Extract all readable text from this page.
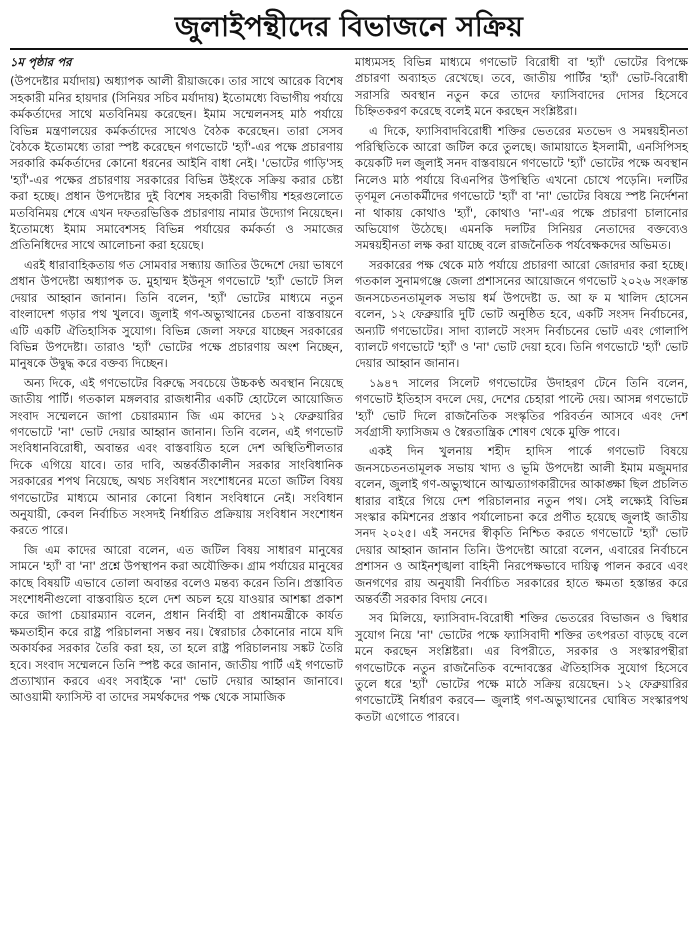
জুলাইপন্থীদের বিভাজনে সক্রিয়

১ম পৃষ্ঠার পর

(উপদেষ্টার মর্যাদায়) অধ্যাপক আলী রীয়াজকে। তার সাথে আরেক বিশেষ সহকারী মনির হায়দার (সিনিয়র সচিব মর্যাদায়) ইতোমধ্যে বিভাগীয় পর্যায়ে কর্মকর্তাদের সাথে মতবিনিময় করেছেন। ইমাম সম্মেলনসহ মাঠ পর্যায়ে বিভিন্ন মন্ত্রণালয়ের কর্মকর্তাদের সাথেও বৈঠক করেছেন। তারা সেসব বৈঠকে ইতোমধ্যে তারা স্পষ্ট করেছেন গণভোটে 'হ্যাঁ'-এর পক্ষে প্রচারণায় সরকারি কর্মকর্তাদের কোনো ধরনের আইনি বাধা নেই। 'ভোটের গাড়ি'সহ 'হ্যাঁ'-এর পক্ষের প্রচারণায় সরকারের বিভিন্ন উইংকে সক্রিয় করার চেষ্টা করা হচ্ছে। প্রধান উপদেষ্টার দুই বিশেষ সহকারী বিভাগীয় শহরগুলোতে মতবিনিময় শেষে এখন দফতরভিত্তিক প্রচারণায় নামার উদ্যোগ নিয়েছেন। ইতোমধ্যে ইমাম সমাবেশসহ বিভিন্ন পর্যায়ের কর্মকর্তা ও সমাজের প্রতিনিধিদের সাথে আলোচনা করা হয়েছে।

এরই ধারাবাহিকতায় গত সোমবার সন্ধ্যায় জাতির উদ্দেশে দেয়া ভাষণে প্রধান উপদেষ্টা অধ্যাপক ড. মুহাম্মদ ইউনূস গণভোটে 'হ্যাঁ' ভোটে সিল দেয়ার আহ্বান জানান। তিনি বলেন, 'হ্যাঁ' ভোটের মাধ্যমে নতুন বাংলাদেশ গড়ার পথ খুলবে। জুলাই গণ-অভ্যুত্থানের চেতনা বাস্তবায়নে এটি একটি ঐতিহাসিক সুযোগ। বিভিন্ন জেলা সফরে যাচ্ছেন সরকারের বিভিন্ন উপদেষ্টা। তারাও 'হ্যাঁ' ভোটের পক্ষে প্রচারণায় অংশ নিচ্ছেন, মানুষকে উদ্বুদ্ধ করে বক্তব্য দিচ্ছেন।

অন্য দিকে, এই গণভোটের বিরুদ্ধে সবচেয়ে উচ্চকণ্ঠ অবস্থান নিয়েছে জাতীয় পার্টি। গতকাল মঙ্গলবার রাজধানীর একটি হোটেলে আয়োজিত সংবাদ সম্মেলনে জাপা চেয়ারম্যান জি এম কাদের ১২ ফেব্রুয়ারির গণভোটে 'না' ভোট দেয়ার আহ্বান জানান। তিনি বলেন, এই গণভোট সংবিধানবিরোধী, অবান্তর এবং বাস্তবায়িত হলে দেশ অস্থিতিশীলতার দিকে এগিয়ে যাবে। তার দাবি, অন্তর্বর্তীকালীন সরকার সাংবিধানিক সরকারের শপথ নিয়েছে, অথচ সংবিধান সংশোধনের মতো জটিল বিষয় গণভোটের মাধ্যমে আনার কোনো বিধান সংবিধানে নেই। সংবিধান অনুযায়ী, কেবল নির্বাচিত সংসদই নির্ধারিত প্রক্রিয়ায় সংবিধান সংশোধন করতে পারে।

জি এম কাদের আরো বলেন, এত জটিল বিষয় সাধারণ মানুষের সামনে 'হ্যাঁ' বা 'না' প্রশ্নে উপস্থাপন করা অযৌক্তিক। গ্রাম পর্যায়ের মানুষের কাছে বিষয়টি এভাবে তোলা অবান্তর বলেও মন্তব্য করেন তিনি। প্রস্তাবিত সংশোধনীগুলো বাস্তবায়িত হলে দেশ অচল হয়ে যাওয়ার আশঙ্কা প্রকাশ করে জাপা চেয়ারম্যান বলেন, প্রধান নির্বাহী বা প্রধানমন্ত্রীকে কার্যত ক্ষমতাহীন করে রাষ্ট্র পরিচালনা সম্ভব নয়। স্বৈরাচার ঠেকানোর নামে যদি অকার্যকর সরকার তৈরি করা হয়, তা হলে রাষ্ট্র পরিচালনায় সঙ্কট তৈরি হবে। সংবাদ সম্মেলনে তিনি স্পষ্ট করে জানান, জাতীয় পার্টি এই গণভোট প্রত্যাখ্যান করবে এবং সবাইকে 'না' ভোট দেয়ার আহ্বান জানাবে। আওয়ামী ফ্যাসিস্ট বা তাদের সমর্থকদের পক্ষ থেকে সামাজিক

মাধ্যমসহ বিভিন্ন মাধ্যমে গণভোট বিরোধী বা 'হ্যাঁ' ভোটের বিপক্ষে প্রচারণা অব্যাহত রেখেছে। তবে, জাতীয় পার্টির 'হ্যাঁ' ভোট-বিরোধী সরাসরি অবস্থান নতুন করে তাদের ফ্যাসিবাদের দোসর হিসেবে চিহ্নিতকরণ করেছে বলেই মনে করছেন সংশ্লিষ্টরা।

এ দিকে, ফ্যাসিবাদবিরোধী শক্তির ভেতরের মতভেদ ও সমন্বয়হীনতা পরিস্থিতিকে আরো জটিল করে তুলছে। জামায়াতে ইসলামী, এনসিপিসহ কয়েকটি দল জুলাই সনদ বাস্তবায়নে গণভোটে 'হ্যাঁ' ভোটের পক্ষে অবস্থান নিলেও মাঠ পর্যায়ে বিএনপির উপস্থিতি এখনো চোখে পড়েনি। দলটির তৃণমূল নেতাকর্মীদের গণভোটে 'হ্যাঁ' বা 'না' ভোটের বিষয়ে স্পষ্ট নির্দেশনা না থাকায় কোথাও 'হ্যাঁ', কোথাও 'না'-এর পক্ষে প্রচারণা চালানোর অভিযোগ উঠেছে। এমনকি দলটির সিনিয়র নেতাদের বক্তব্যেও সমন্বয়হীনতা লক্ষ করা যাচ্ছে বলে রাজনৈতিক পর্যবেক্ষকদের অভিমত।

সরকারের পক্ষ থেকে মাঠ পর্যায়ে প্রচারণা আরো জোরদার করা হচ্ছে। গতকাল সুনামগঞ্জে জেলা প্রশাসনের আয়োজনে গণভোট ২০২৬ সংক্রান্ত জনসচেতনতামূলক সভায় ধর্ম উপদেষ্টা ড. আ ফ ম খালিদ হোসেন বলেন, ১২ ফেব্রুয়ারি দুটি ভোট অনুষ্ঠিত হবে, একটি সংসদ নির্বাচনের, অন্যটি গণভোটের। সাদা ব্যালটে সংসদ নির্বাচনের ভোট এবং গোলাপি ব্যালটে গণভোটে 'হ্যাঁ' ও 'না' ভোট দেয়া হবে। তিনি গণভোটে 'হ্যাঁ' ভোট দেয়ার আহ্বান জানান।

১৯৪৭ সালের সিলেট গণভোটের উদাহরণ টেনে তিনি বলেন, গণভোট ইতিহাস বদলে দেয়, দেশের চেহারা পাল্টে দেয়। আসন্ন গণভোটে 'হ্যাঁ' ভোট দিলে রাজনৈতিক সংস্কৃতির পরিবর্তন আসবে এবং দেশ সর্বগ্রাসী ফ্যাসিজম ও স্বৈরতান্ত্রিক শোষণ থেকে মুক্তি পাবে।

একই দিন খুলনায় শহীদ হাদিস পার্কে গণভোট বিষয়ে জনসচেতনতামূলক সভায় খাদ্য ও ভূমি উপদেষ্টা আলী ইমাম মজুমদার বলেন, জুলাই গণ-অভ্যুত্থানে আত্মত্যাগকারীদের আকাঙ্ক্ষা ছিল প্রচলিত ধারার বাইরে গিয়ে দেশ পরিচালনার নতুন পথ। সেই লক্ষ্যেই বিভিন্ন সংস্কার কমিশনের প্রস্তাব পর্যালোচনা করে প্রণীত হয়েছে জুলাই জাতীয় সনদ ২০২৫। এই সনদের স্বীকৃতি নিশ্চিত করতে গণভোটে 'হ্যাঁ' ভোট দেয়ার আহ্বান জানান তিনি। উপদেষ্টা আরো বলেন, এবারের নির্বাচনে প্রশাসন ও আইনশৃঙ্খলা বাহিনী নিরপেক্ষভাবে দায়িত্ব পালন করবে এবং জনগণের রায় অনুযায়ী নির্বাচিত সরকারের হাতে ক্ষমতা হস্তান্তর করে অন্তর্বর্তী সরকার বিদায় নেবে।

সব মিলিয়ে, ফ্যাসিবাদ-বিরোধী শক্তির ভেতরের বিভাজন ও দ্বিধার সুযোগ নিয়ে 'না' ভোটের পক্ষে ফ্যাসিবাদী শক্তির তৎপরতা বাড়ছে বলে মনে করছেন সংশ্লিষ্টরা। এর বিপরীতে, সরকার ও সংস্কারপন্থীরা গণভোটকে নতুন রাজনৈতিক বন্দোবস্তের ঐতিহাসিক সুযোগ হিসেবে তুলে ধরে 'হ্যাঁ' ভোটের পক্ষে মাঠে সক্রিয় রয়েছেন। ১২ ফেব্রুয়ারির গণভোটেই নির্ধারণ করবে— জুলাই গণ-অভ্যুত্থানের ঘোষিত সংস্কারপথ কতটা এগোতে পারবে।
